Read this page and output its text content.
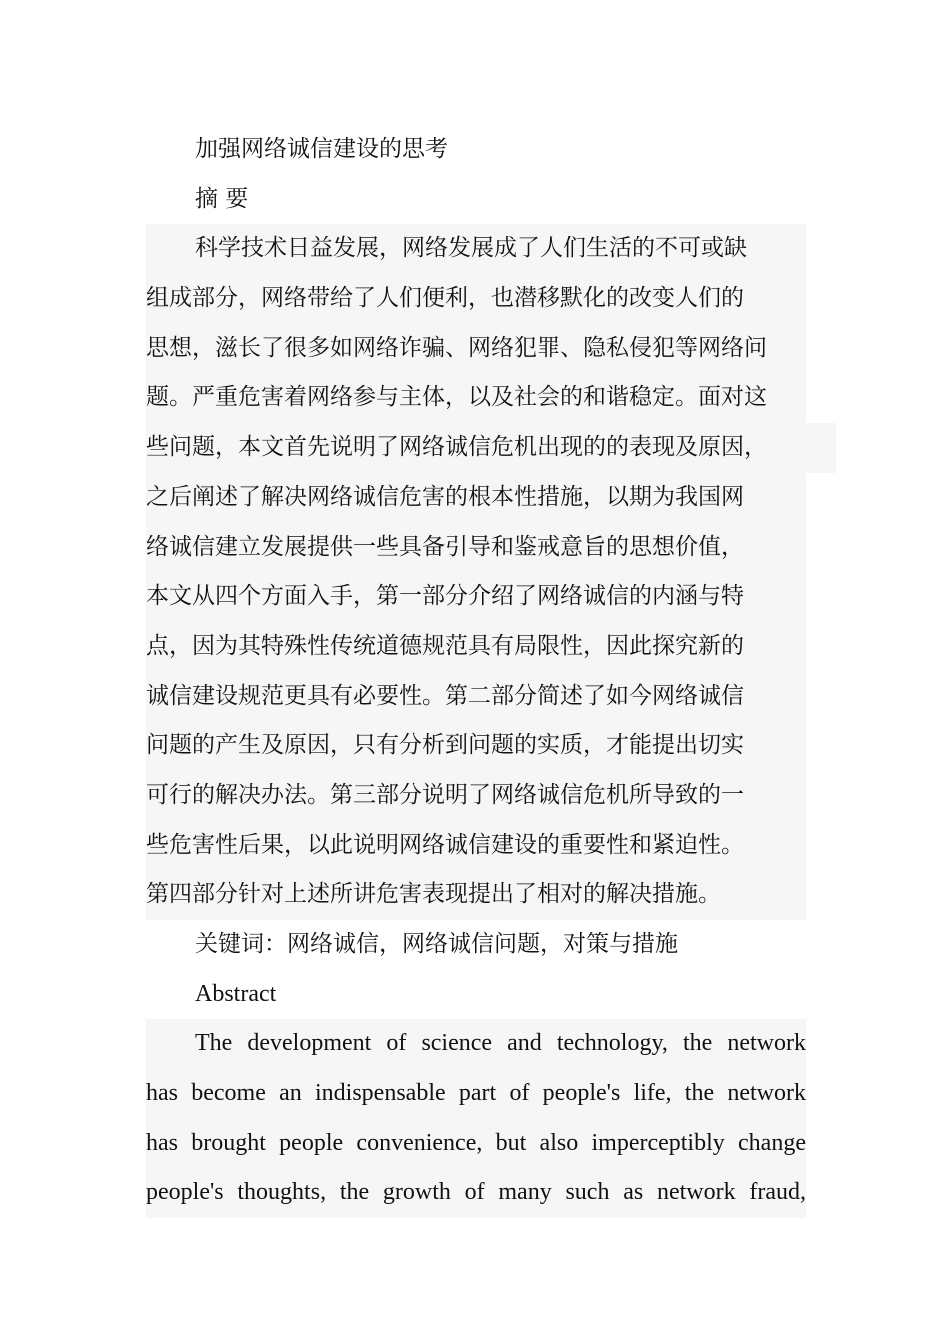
加强网络诚信建设的思考
摘 要
科学技术日益发展，网络发展成了人们生活的不可或缺
组成部分，网络带给了人们便利，也潜移默化的改变人们的
思想，滋长了很多如网络诈骗、网络犯罪、隐私侵犯等网络问
题。严重危害着网络参与主体，以及社会的和谐稳定。面对这
些问题，本文首先说明了网络诚信危机出现的的表现及原因，
之后阐述了解决网络诚信危害的根本性措施，以期为我国网
络诚信建立发展提供一些具备引导和鉴戒意旨的思想价值，
本文从四个方面入手，第一部分介绍了网络诚信的内涵与特
点，因为其特殊性传统道德规范具有局限性，因此探究新的
诚信建设规范更具有必要性。第二部分简述了如今网络诚信
问题的产生及原因，只有分析到问题的实质，才能提出切实
可行的解决办法。第三部分说明了网络诚信危机所导致的一
些危害性后果，以此说明网络诚信建设的重要性和紧迫性。
第四部分针对上述所讲危害表现提出了相对的解决措施。
关键词：网络诚信，网络诚信问题，对策与措施
Abstract
The development of science and technology, the network
has become an indispensable part of people's life, the network
has brought people convenience, but also imperceptibly change
people's thoughts, the growth of many such as network fraud,
